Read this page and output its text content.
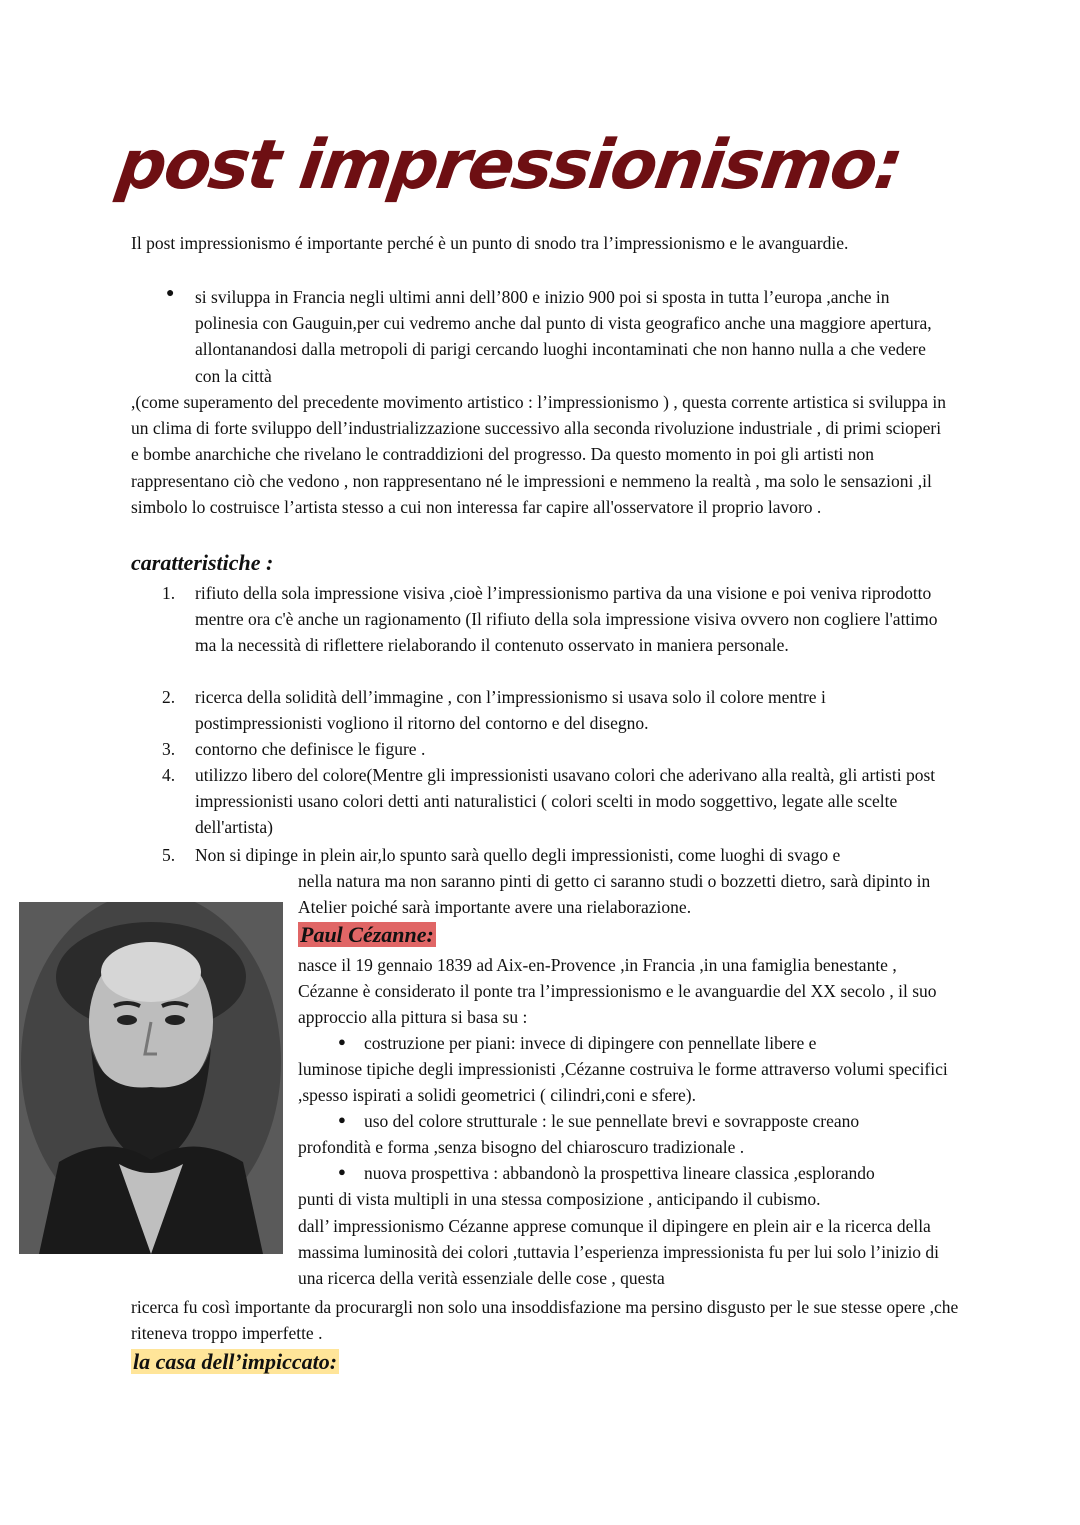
post impressionismo:

Il post impressionismo é importante perché è un punto di snodo tra l’impressionismo e le avanguardie.

● si sviluppa in Francia negli ultimi anni dell’800 e inizio 900 poi si sposta in tutta l’europa ,anche in polinesia con Gauguin,per cui vedremo anche dal punto di vista geografico anche una maggiore apertura, allontanandosi dalla metropoli di parigi cercando luoghi incontaminati che non hanno nulla a che vedere con la città

,(come superamento del precedente movimento artistico : l’impressionismo ) , questa corrente artistica si sviluppa in un clima di forte sviluppo dell’industrializzazione successivo alla seconda rivoluzione industriale , di primi scioperi e bombe anarchiche che rivelano le contraddizioni del progresso. Da questo momento in poi gli artisti non rappresentano ciò che vedono , non rappresentano né le impressioni e nemmeno la realtà , ma solo le sensazioni ,il simbolo lo costruisce l’artista stesso a cui non interessa far capire all'osservatore il proprio lavoro .

caratteristiche :
1.	rifiuto della sola impressione visiva ,cioè l’impressionismo partiva da una visione e poi veniva riprodotto mentre ora c'è anche un ragionamento (Il rifiuto della sola impressione visiva ovvero non cogliere l'attimo ma la necessità di riflettere rielaborando il contenuto osservato in maniera personale.

2.	ricerca della solidità dell’immagine , con l’impressionismo si usava solo il colore mentre i postimpressionisti vogliono il ritorno del contorno e del disegno.

3.	contorno che definisce le figure .

4.	utilizzo libero del colore(Mentre gli impressionisti usavano colori che aderivano alla realtà, gli artisti post impressionisti usano colori detti anti naturalistici ( colori scelti in modo soggettivo, legate alle scelte dell'artista)

5.	Non si dipinge in plein air,lo spunto sarà quello degli impressionisti, come luoghi di svago e

nella natura ma non saranno pinti di getto ci saranno studi o bozzetti dietro, sarà dipinto in Atelier poiché sarà importante avere una rielaborazione.

Paul Cézanne:

nasce il 19 gennaio 1839 ad Aix-en-Provence ,in Francia ,in una famiglia benestante , Cézanne è considerato il ponte tra l’impressionismo e le avanguardie del XX secolo , il suo approccio alla pittura si basa su :

● costruzione per piani: invece di dipingere con pennellate libere e

luminose tipiche degli impressionisti ,Cézanne costruiva le forme attraverso volumi specifici ,spesso ispirati a solidi geometrici ( cilindri,coni e sfere).

● uso del colore strutturale : le sue pennellate brevi e sovrapposte creano

profondità e forma ,senza bisogno del chiaroscuro tradizionale .

● nuova prospettiva : abbandonò la prospettiva lineare classica ,esplorando

punti di vista multipli in una stessa composizione , anticipando il cubismo.

dall’ impressionismo Cézanne apprese comunque il dipingere en plein air e la ricerca della massima luminosità dei colori ,tuttavia l’esperienza impressionista fu per lui solo l’inizio di una ricerca della verità essenziale delle cose , questa

ricerca fu così importante da procurargli non solo una insoddisfazione ma persino disgusto per le sue stesse opere ,che riteneva troppo imperfette .

la casa dell’impiccato:
